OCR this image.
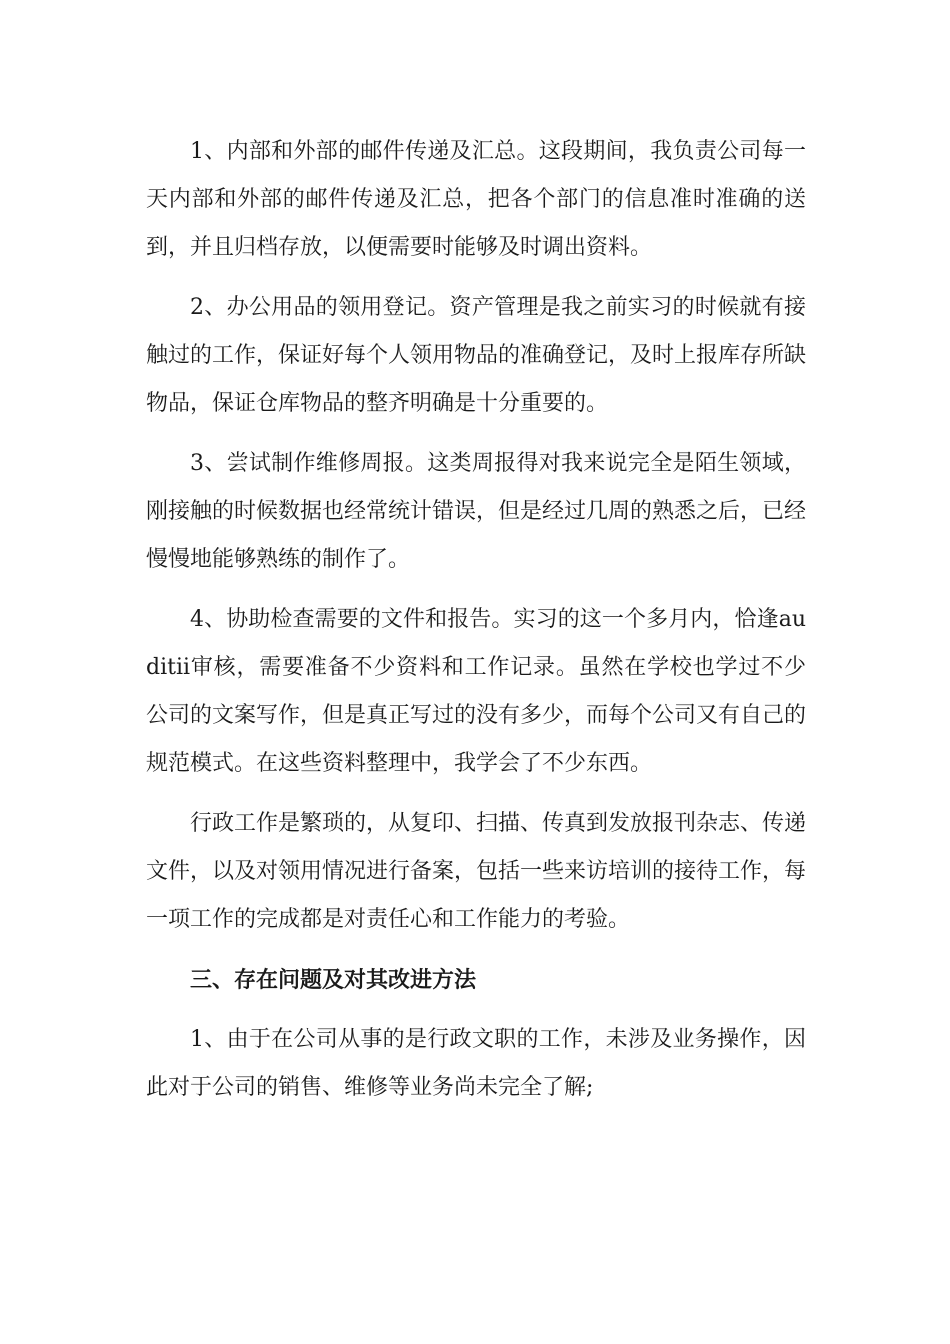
1、内部和外部的邮件传递及汇总。这段期间，我负责公司每一天内部和外部的邮件传递及汇总，把各个部门的信息准时准确的送到，并且归档存放，以便需要时能够及时调出资料。

2、办公用品的领用登记。资产管理是我之前实习的时候就有接触过的工作，保证好每个人领用物品的准确登记，及时上报库存所缺物品，保证仓库物品的整齐明确是十分重要的。

3、尝试制作维修周报。这类周报得对我来说完全是陌生领域，刚接触的时候数据也经常统计错误，但是经过几周的熟悉之后，已经慢慢地能够熟练的制作了。

4、协助检查需要的文件和报告。实习的这一个多月内，恰逢auditii审核，需要准备不少资料和工作记录。虽然在学校也学过不少公司的文案写作，但是真正写过的没有多少，而每个公司又有自己的规范模式。在这些资料整理中，我学会了不少东西。

行政工作是繁琐的，从复印、扫描、传真到发放报刊杂志、传递文件，以及对领用情况进行备案，包括一些来访培训的接待工作，每一项工作的完成都是对责任心和工作能力的考验。

三、存在问题及对其改进方法

1、由于在公司从事的是行政文职的工作，未涉及业务操作，因此对于公司的销售、维修等业务尚未完全了解;
